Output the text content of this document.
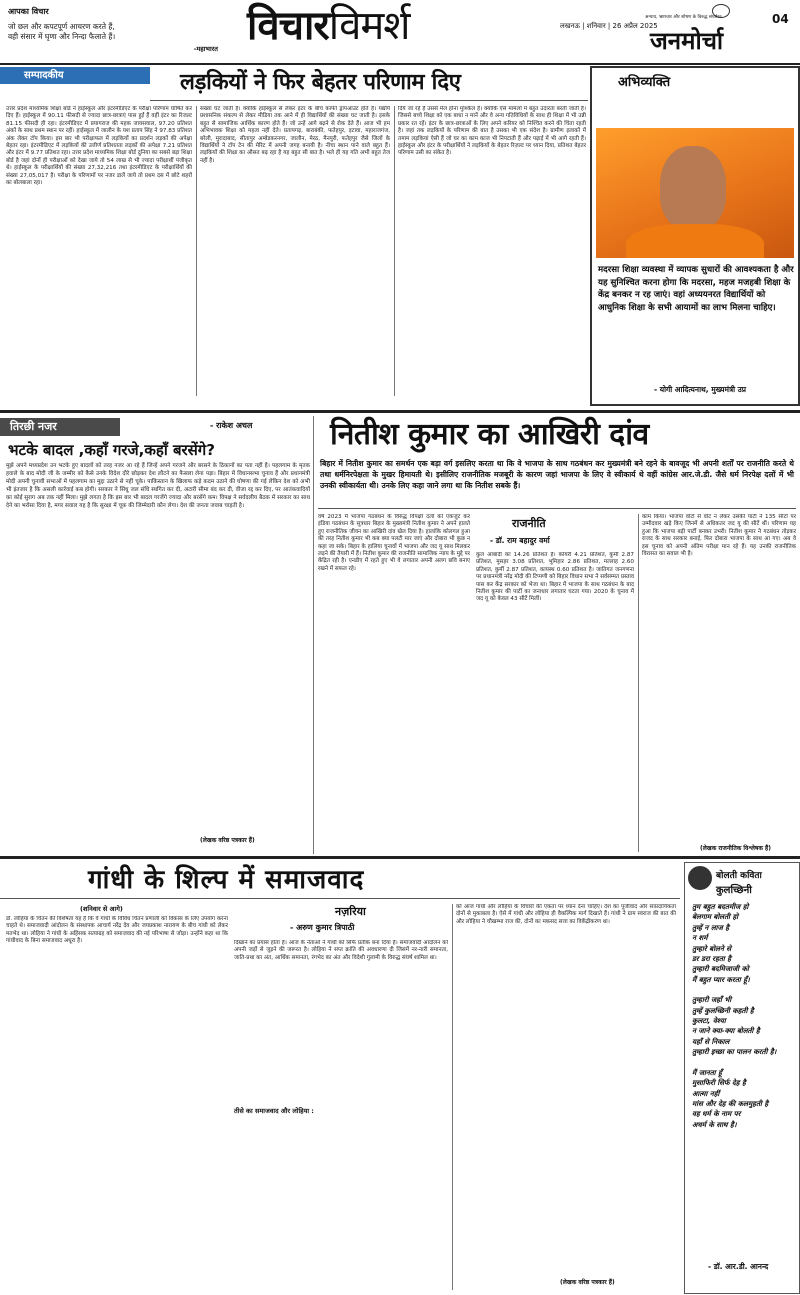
आपका विचार
जो छल और कपटपूर्ण आचरण करते हैं,
वही संसार में घृणा और निन्दा फैलाते हैं।
-महाभारत विचारविमर्श	लखनऊ | शनिवार | 26 अप्रैल 2025
अन्याय, भ्रष्टाचार और शोषण के विरुद्ध संघर्षरत
जनमोर्चा
04
सम्पादकीय	लड़कियों ने फिर बेहतर परिणाम दिए
उत्तर प्रदेश माध्यमिक शिक्षा बोर्ड ने हाईस्कूल और इंटरमीडिएट के परीक्षा परिणाम घोषित कर दिए हैं। हाईस्कूल में 90.11 फीसदी से ज्यादा छात्र-छात्राएं पास हुईं हैं वहीं इंटर का रिजल्ट 81.15 फीसदी ही रहा। इंटरमीडिएट में प्रयागराज की महक जायसवाल, 97.20 प्रतिशत अंकों के साथ प्रथम स्थान पर रहीं। हाईस्कूल में जालौन के यश प्रताप सिंह ने 97.83 प्रतिशत अंक लेकर टॉप किया। इस बार भी परीक्षाफल में लड़कियों का प्रदर्शन लड़कों की अपेक्षा बेहतर रहा। इंटरमीडिएट में लड़कियों की उत्तीर्ण प्रतिशतता लड़कों की अपेक्षा 7.21 प्रतिशत और इंटर में 9.77 प्रतिशत रहा। उत्तर प्रदेश माध्यमिक शिक्षा बोर्ड दुनिया का सबसे बड़ा शिक्षा बोर्ड है जहां दोनों ही परीक्षाओं को देखा जाये तो 54 लाख से भी ज्यादा परीक्षार्थी पंजीकृत थे। हाईस्कूल के परीक्षार्थियों की संख्या 27,32,216 तथा इंटरमीडिएट के परीक्षार्थियों की संख्या 27,05,017 है। परीक्षा के परिणामों पर नजर डालें जाये तो प्रथम दस में छोटे शहरों का बोलबाला रहा।
संख्या घट जाती है। क्योंकि हाईस्कूल से लेकर इंटर के बीच काफी ड्रापआउट होते हैं। यद्यपि प्रशासनिक संकल्प से लेकर मीडिया तक आने में ही विद्यार्थियों की संख्या घट जाती है। इसके बहुत से सामाजिक आर्थिक कारण होते हैं। जो उन्हें आगे बढ़ने से रोक देते हैं। आज भी हम अभिभावक शिक्षा को महत्व नहीं देते। प्रतापगढ़, बाराबंकी, फतेहपुर, इटावा, महाराजगंज, बरेली, मुरादाबाद, सीतापुर अम्बेडकरनगर, जालौन, मेरठ, मैनपुरी, फतेहपुर जैसे जिलों के विद्यार्थियों ने टॉप टेन की मेरिट में अपनी जगह बनायी है। नीचा स्थान पाने वाले बहुत हैं। लड़कियों की शिक्षा का औसत बढ़ रहा है यह बहुत सी बात है। भले ही यह गति अभी बहुत तेज नहीं है।
दिये जा रहे हैं उससे मेल होना मुश्किल है। क्योंकि ऐसे मामलों में बहुत उदारता बरती जाती है। जिससे बच्चे शिक्षा को एक बाधा न मानें और वे अन्य गतिविधियों के साथ ही शिक्षा में भी उन्नी प्रकार रत रहें। इंटर के छात्र-छात्राओं के लिए अपने करियर को निश्चित करने की चिंता रहती है। जहां तक लड़कियों के परिणाम की बात है उसका भी एक संदेश है। ग्रामीण इलाकों में तमाम लड़कियां ऐसी हैं जो घर का काम काज भी निपटाती हैं और पढ़ाई में भी आगे रहती हैं। हाईस्कूल और इंटर के परीक्षार्थियों ने लड़कियों के बेहतर रिज़ल्ट पर ध्यान दिया, प्रतिशत बेहतर परिणाम उसी का संकेत है।
अभिव्यक्ति
मदरसा शिक्षा व्यवस्था में व्यापक सुधारों की आवश्यकता है और यह सुनिश्चित करना होगा कि मदरसा, महज मजहबी शिक्षा के केंद्र बनकर न रह जाएं। वहां अध्ययनरत विद्यार्थियों को आधुनिक शिक्षा के सभी आयामों का लाभ मिलना चाहिए।
- योगी आदित्यनाथ, मुख्यमंत्री उप्र
तिरछी नजर	- राकेश अचल
भटके बादल ,कहाँ गरजे,कहाँ बरसेंगे?
मुझे अपने मध्यप्रदेश उन भटके हुए बादलों को तरह नजर आ रहे हैं जिन्हें अपने गरजने और बरसने के ठिकानों का पता नहीं है। पहलगाम के मृतक हवाले के बाद मोदी जी के जम्मीर को कैसे उनके विदेश दौरे छोड़कर देश लौटने का फैसला लेना पड़ा। बिहार में विधानसभा चुनाव हैं और प्रधानमंत्री मोदी अपनी चुनावी सभाओं में पहलगाम का मुद्दा उठाने से नहीं चूके। पाकिस्तान के खिलाफ कड़े कदम उठाने की घोषणा की गई लेकिन देश को अभी भी इंतजार है कि असली कार्रवाई कब होगी। सरकार ने सिंधु जल संधि स्थगित कर दी, अटारी सीमा बंद कर दी, वीजा रद्द कर दिए, पर आतंकवादियों का कोई सुराग अब तक नहीं मिला। मुझे लगता है कि इस बार भी बादल गरजेंगे ज्यादा और बरसेंगे कम। विपक्ष ने सर्वदलीय बैठक में सरकार का साथ देने का भरोसा दिया है, मगर सवाल यह है कि सुरक्षा में चूक की जिम्मेदारी कौन लेगा। देश की जनता जवाब चाहती है।
(लेखक वरिष्ठ पत्रकार हैं)
नितीश कुमार का आखिरी दांव
बिहार में नितीश कुमार का समर्थन एक बड़ा वर्ग इसलिए करता था कि वे भाजपा के साथ गठबंधन कर मुख्यमंत्री बने रहने के बावजूद भी अपनी शर्तों पर राजनीति करते थे तथा धर्मनिरपेक्षता के मुखर हिमायती थे। इसीलिए राजनीतिक मजबूरी के कारण जहां भाजपा के लिए वे स्वीकार्य थे वहीं कांग्रेस आर.जे.डी. जैसे धर्म निरपेक्ष दलों में भी उनकी स्वीकार्यता थी। उनके लिए कहा जाने लगा था कि नितीश सबके हैं।
वर्ष 2023 में भाजपा गठबंधन के विरुद्ध विपक्षी दलों को एकजुट कर इंडिया गठबंधन के सूत्रधार बिहार के मुख्यमंत्री नितीश कुमार ने अपने हालते हुए राजनीतिक जीवन का आखिरी दांव खेल दिया है। हालांकि कोलगल हुआ की तरह नितीश कुमार भी कब क्या पलटी मार जाएं और दोबारा भी कुछ न कहा जा सके। बिहार के हालिया चुनावों में भाजपा और जद यू साथ मिलकर लड़ने की तैयारी में हैं। नितीश कुमार की राजनीति सामाजिक न्याय के मुद्दे पर केंद्रित रही है। एनडीए में रहते हुए भी वे लगातार अपनी अलग छवि बनाए रखने में सफल रहे।
राजनीति
- डॉ. राम बहादुर वर्मा
कुल आबादी का 14.26 प्रतिशत है। कोयरी 4.21 प्रतिशत, कुर्मी 2.87 प्रतिशत, मुसहर 3.08 प्रतिशत, भूमिहार 2.86 प्रतिशत, मल्लाह 2.60 प्रतिशत, कुर्मी 2.87 प्रतिशत, कायस्थ 0.60 प्रतिशत है। जातिगत जनगणना पर प्रधानमंत्री नरेंद्र मोदी की टिप्पणी को बिहार विधान सभा ने सर्वसम्मत प्रस्ताव पास कर केंद्र सरकार को भेजा था। बिहार में भाजपा के साथ गठबंधन के बाद नितीश कुमार की पार्टी का जनाधार लगातार घटता गया। 2020 के चुनाव में जद यू को केवल 43 सीटें मिलीं।
काम किया। भाजपा वोटों से वोट न लेकर उसकी पार्टी ने 135 सीटों पर उम्मीदवार खड़े किए जिनमें से अधिकतर जद यू की सीटें थीं। परिणाम यह हुआ कि भाजपा बड़ी पार्टी बनकर उभरी। नितीश कुमार ने गठबंधन तोड़कर राजद के साथ सरकार बनाई, फिर दोबारा भाजपा के साथ आ गए। अब वे इस चुनाव को अपनी अंतिम परीक्षा मान रहे हैं। यह उनकी राजनीतिक विरासत का सवाल भी है।
(लेखक राजनीतिक विश्लेषक हैं)
गांधी के शिल्प में समाजवाद
(शनिवार से आगे)
डॉ. लोहिया के चिंतन की विशेषता यह है कि वे गांधी के विविध चिंतन प्रणाली को विकास के लिए उपयोग करना चाहते थे। समाजवादी आंदोलन के संस्थापक आचार्य नरेंद्र देव और जयप्रकाश नारायण के बीच गांधी को लेकर मतभेद था। लोहिया ने गांधी के अहिंसक सत्याग्रह को समाजवाद की नई परिभाषा से जोड़ा। उन्होंने कहा था कि गांधीवाद के बिना समाजवाद अधूरा है।
नज़रिया
- अरुण कुमार त्रिपाठी
दिखाने का प्रयास होता है। आज के नेताओं ने गांधी को सिर्फ प्रतीक बना दिया है। समाजवादी आंदोलन को अपनी जड़ों से जुड़ने की जरूरत है। लोहिया ने सप्त क्रांति की अवधारणा दी जिसमें नर-नारी समानता, जाति-प्रथा का अंत, आर्थिक समानता, रंगभेद का अंत और विदेशी गुलामी के विरुद्ध संघर्ष शामिल था।
तीसे का समाजवाद और लोहिया :
को आज गांधी और लोहिया के विचारों की एकता पर ध्यान देना चाहिए। देश का पूंजीवाद और सांप्रदायिकता दोनों से मुकाबला है। ऐसे में गांधी और लोहिया ही वैकल्पिक मार्ग दिखाते हैं। गांधी ने ग्राम स्वराज की बात की और लोहिया ने चौखम्भा राज की, दोनों का मकसद सत्ता का विकेंद्रीकरण था।
(लेखक वरिष्ठ पत्रकार हैं)
बोलती कविता
कुलच्छिनी
तुम बहुत बदतमीज हो
बेलगाम बोलती हो
तुम्हें न लाज है
न शर्म
तुम्हारे बोलने से
डर डरा रहता है
तुम्हारी बदमिजाजी को
मैं बहुत प्यार करता हूँ।
तुम्हारी जहाँ भी
तुम्हें कुलच्छिनी कहती है
कुलटा, वेश्या
न जाने क्या-क्या बोलती है
यहाँ से निकाल
तुम्हारी इच्छा का पालन करती है।
मैं जानता हूँ
मुसाफिरी सिर्फ देह है
आत्मा नहीं
मांस और देह की कलमुहती है
वह धर्म के नाम पर
अधर्म के साथ है।
- डॉ. आर.डी. आनन्द
